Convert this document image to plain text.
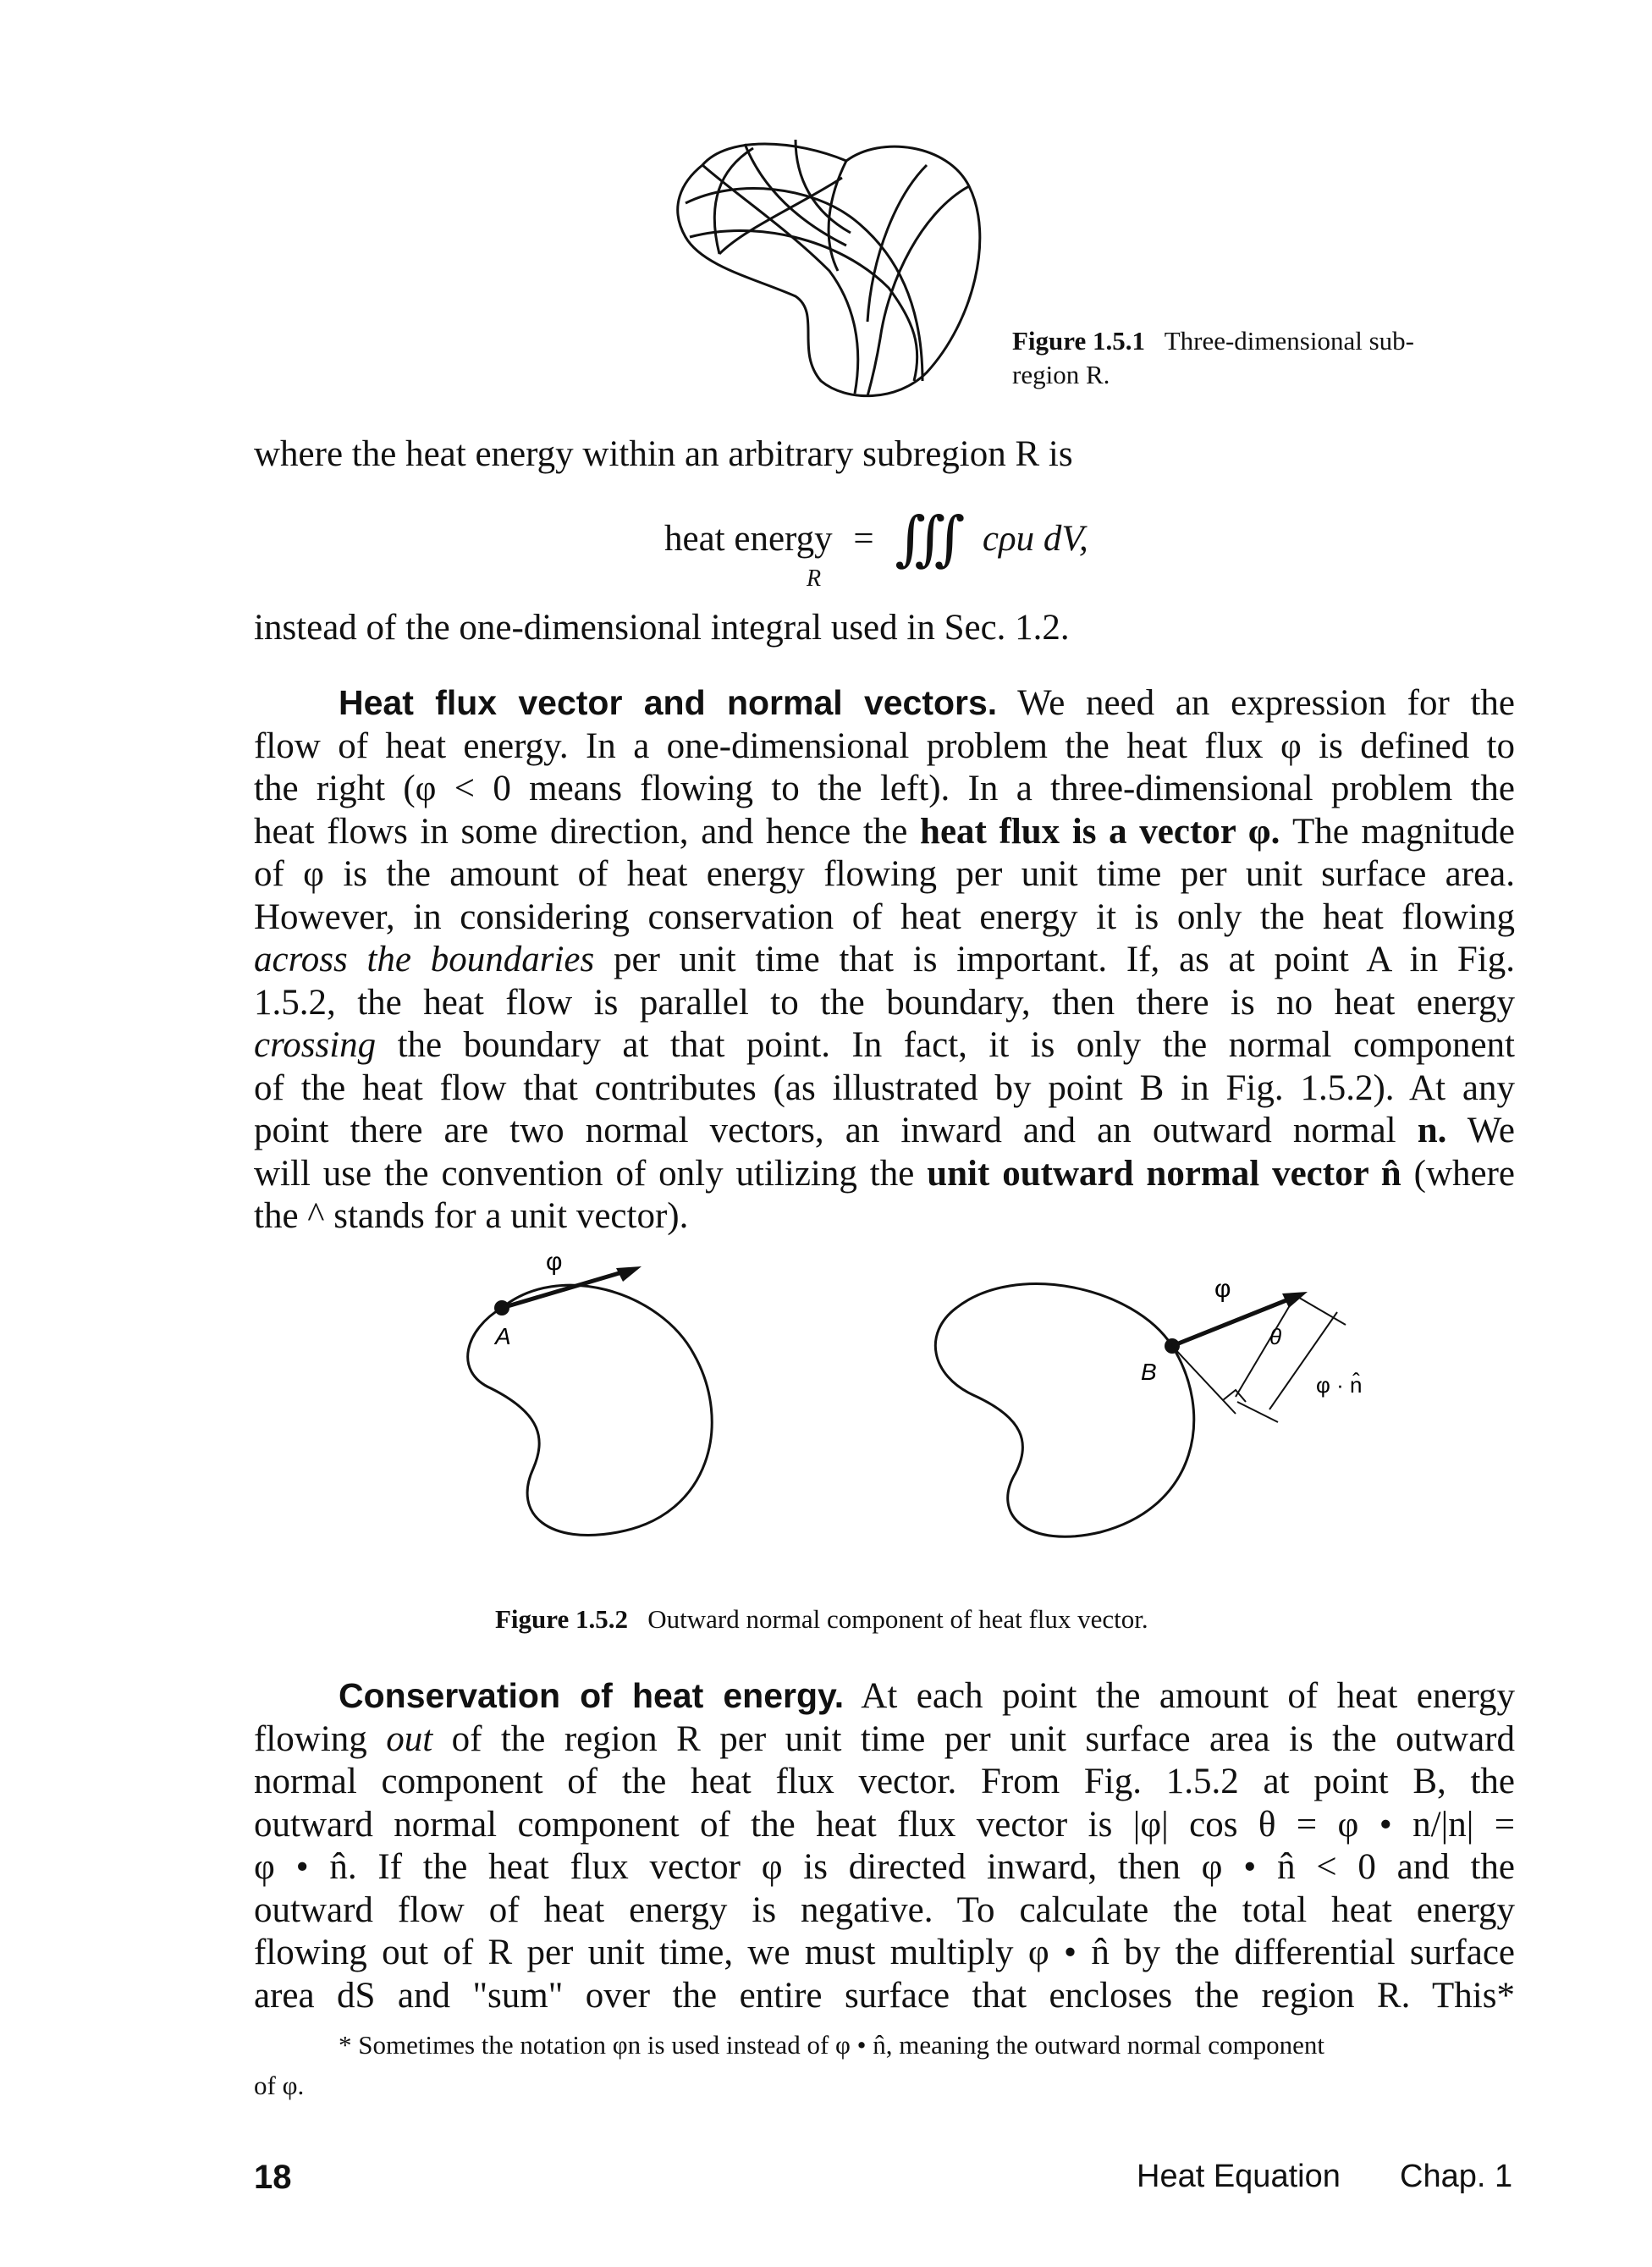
Figure 1.5.1 Three-dimensional sub-
region R.
where the heat energy within an arbitrary subregion R is
heat energy = ∭ cρu dV,
R
instead of the one-dimensional integral used in Sec. 1.2.
Heat flux vector and normal vectors. We need an expression for the
flow of heat energy. In a one-dimensional problem the heat flux φ is defined to
the right (φ < 0 means flowing to the left). In a three-dimensional problem the
heat flows in some direction, and hence the heat flux is a vector φ. The magnitude
of φ is the amount of heat energy flowing per unit time per unit surface area.
However, in considering conservation of heat energy it is only the heat flowing
across the boundaries per unit time that is important. If, as at point A in Fig.
1.5.2, the heat flow is parallel to the boundary, then there is no heat energy
crossing the boundary at that point. In fact, it is only the normal component
of the heat flow that contributes (as illustrated by point B in Fig. 1.5.2). At any
point there are two normal vectors, an inward and an outward normal n. We
will use the convention of only utilizing the unit outward normal vector n̂ (where
the ^ stands for a unit vector).
φ
A
φ
B
θ
φ · n̂
Figure 1.5.2 Outward normal component of heat flux vector.
Conservation of heat energy. At each point the amount of heat energy
flowing out of the region R per unit time per unit surface area is the outward
normal component of the heat flux vector. From Fig. 1.5.2 at point B, the
outward normal component of the heat flux vector is |φ| cos θ = φ • n/|n| =
φ • n̂. If the heat flux vector φ is directed inward, then φ • n̂ < 0 and the
outward flow of heat energy is negative. To calculate the total heat energy
flowing out of R per unit time, we must multiply φ • n̂ by the differential surface
area dS and "sum" over the entire surface that encloses the region R. This*
* Sometimes the notation φn is used instead of φ • n̂, meaning the outward normal component
of φ.
18	Heat Equation Chap. 1
